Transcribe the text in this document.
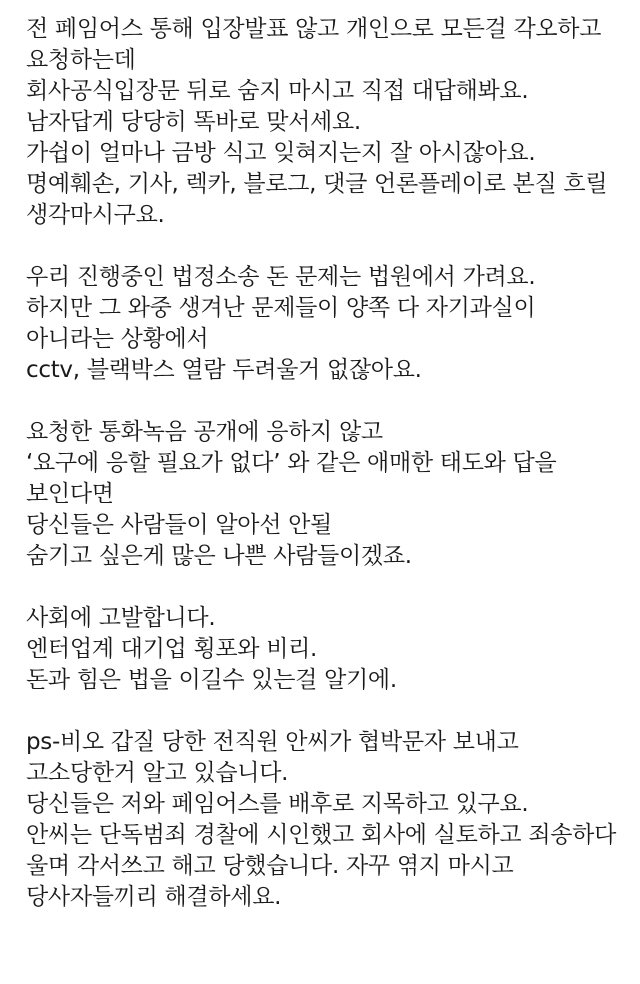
전 페임어스 통해 입장발표 않고 개인으로 모든걸 각오하고
요청하는데
회사공식입장문 뒤로 숨지 마시고 직접 대답해봐요.
남자답게 당당히 똑바로 맞서세요.
가쉽이 얼마나 금방 식고 잊혀지는지 잘 아시잖아요.
명예훼손, 기사, 렉카, 블로그, 댓글 언론플레이로 본질 흐릴
생각마시구요.
우리 진행중인 법정소송 돈 문제는 법원에서 가려요.
하지만 그 와중 생겨난 문제들이 양쪽 다 자기과실이
아니라는 상황에서
cctv, 블랙박스 열람 두려울거 없잖아요.
요청한 통화녹음 공개에 응하지 않고
‘요구에 응할 필요가 없다’ 와 같은 애매한 태도와 답을
보인다면
당신들은 사람들이 알아선 안될
숨기고 싶은게 많은 나쁜 사람들이겠죠.
사회에 고발합니다.
엔터업계 대기업 횡포와 비리.
돈과 힘은 법을 이길수 있는걸 알기에.
ps-비오 갑질 당한 전직원 안씨가 협박문자 보내고
고소당한거 알고 있습니다.
당신들은 저와 페임어스를 배후로 지목하고 있구요.
안씨는 단독범죄 경찰에 시인했고 회사에 실토하고 죄송하다
울며 각서쓰고 해고 당했습니다. 자꾸 엮지 마시고
당사자들끼리 해결하세요.
